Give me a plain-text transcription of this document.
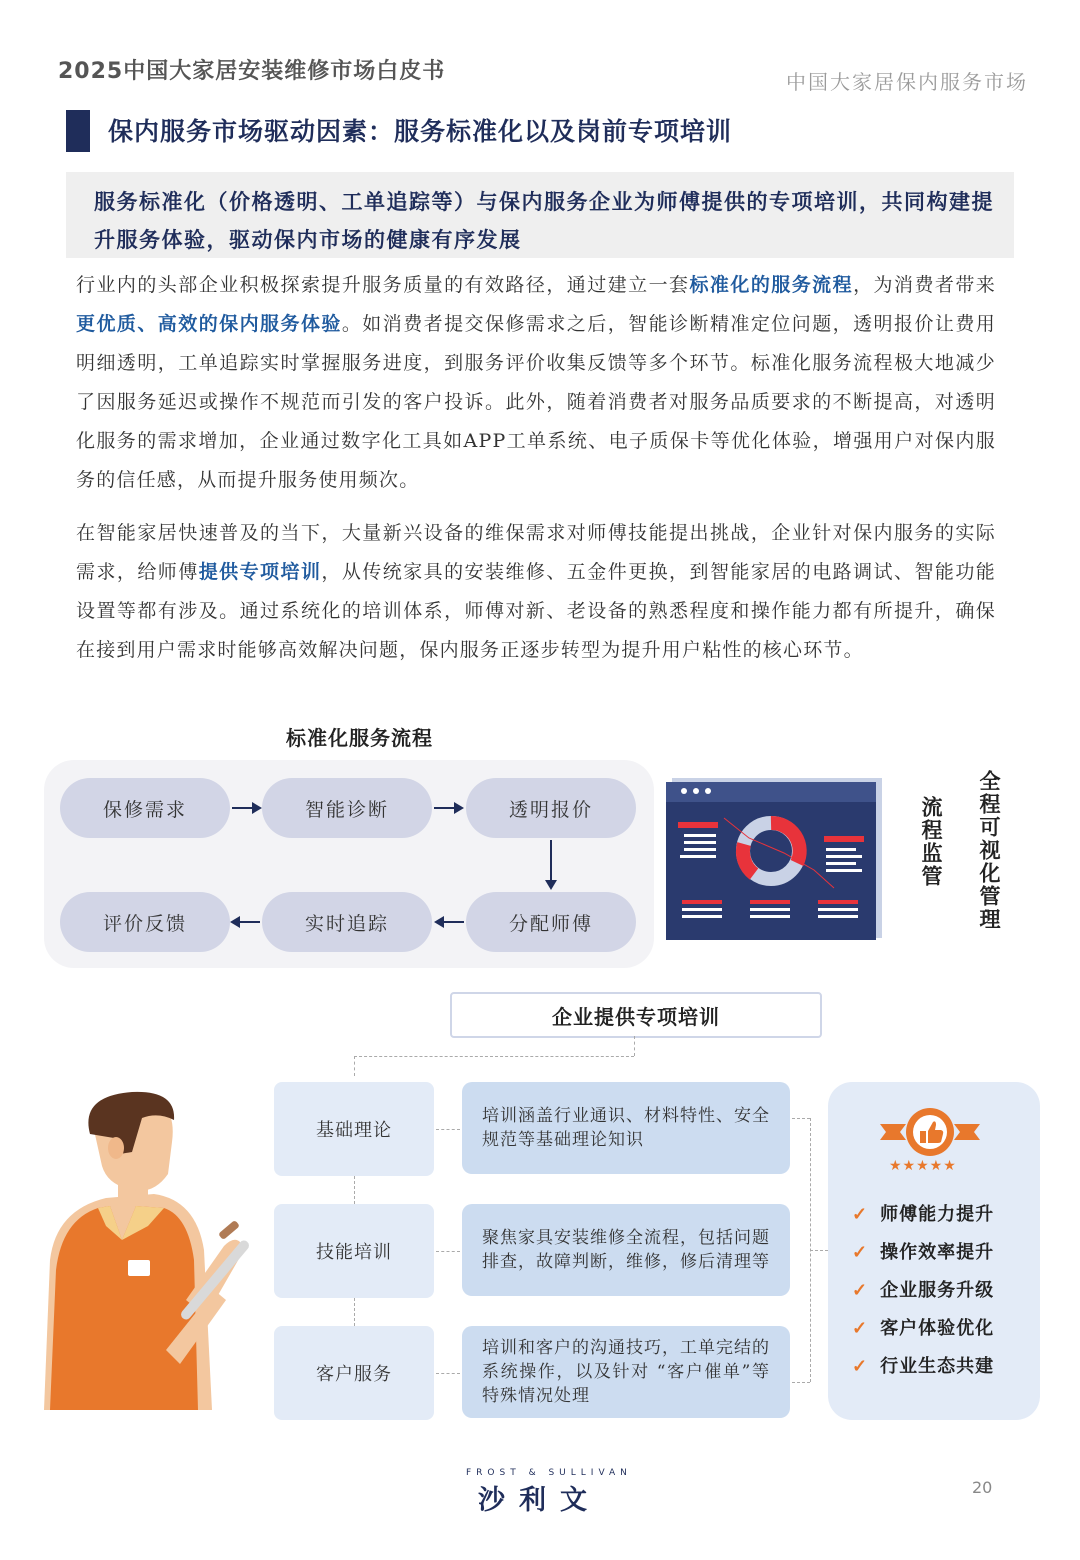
2025中国大家居安装维修市场白皮书	中国大家居保内服务市场
保内服务市场驱动因素：服务标准化以及岗前专项培训
服务标准化（价格透明、工单追踪等）与保内服务企业为师傅提供的专项培训，共同构建提升服务体验，驱动保内市场的健康有序发展
行业内的头部企业积极探索提升服务质量的有效路径，通过建立一套标准化的服务流程，为消费者带来更优质、高效的保内服务体验。如消费者提交保修需求之后，智能诊断精准定位问题，透明报价让费用明细透明，工单追踪实时掌握服务进度，到服务评价收集反馈等多个环节。标准化服务流程极大地减少了因服务延迟或操作不规范而引发的客户投诉。此外，随着消费者对服务品质要求的不断提高，对透明化服务的需求增加，企业通过数字化工具如APP工单系统、电子质保卡等优化体验，增强用户对保内服务的信任感，从而提升服务使用频次。
在智能家居快速普及的当下，大量新兴设备的维保需求对师傅技能提出挑战，企业针对保内服务的实际需求，给师傅提供专项培训，从传统家具的安装维修、五金件更换，到智能家居的电路调试、智能功能设置等都有涉及。通过系统化的培训体系，师傅对新、老设备的熟悉程度和操作能力都有所提升，确保在接到用户需求时能够高效解决问题，保内服务正逐步转型为提升用户粘性的核心环节。
标准化服务流程
保修需求	智能诊断	透明报价
分配师傅
实时追踪
评价反馈
流程监管 全程可视化管理
企业提供专项培训
基础理论
技能培训
客户服务
培训涵盖行业通识、材料特性、安全规范等基础理论知识
聚焦家具安装维修全流程，包括问题排查，故障判断，维修，修后清理等
培训和客户的沟通技巧，工单完结的系统操作，以及针对 “客户催单”等特殊情况处理
★★★★★
✓ 师傅能力提升
✓ 操作效率提升
✓ 企业服务升级
✓ 客户体验优化
✓ 行业生态共建
FROST & SULLIVAN
沙利文	20
